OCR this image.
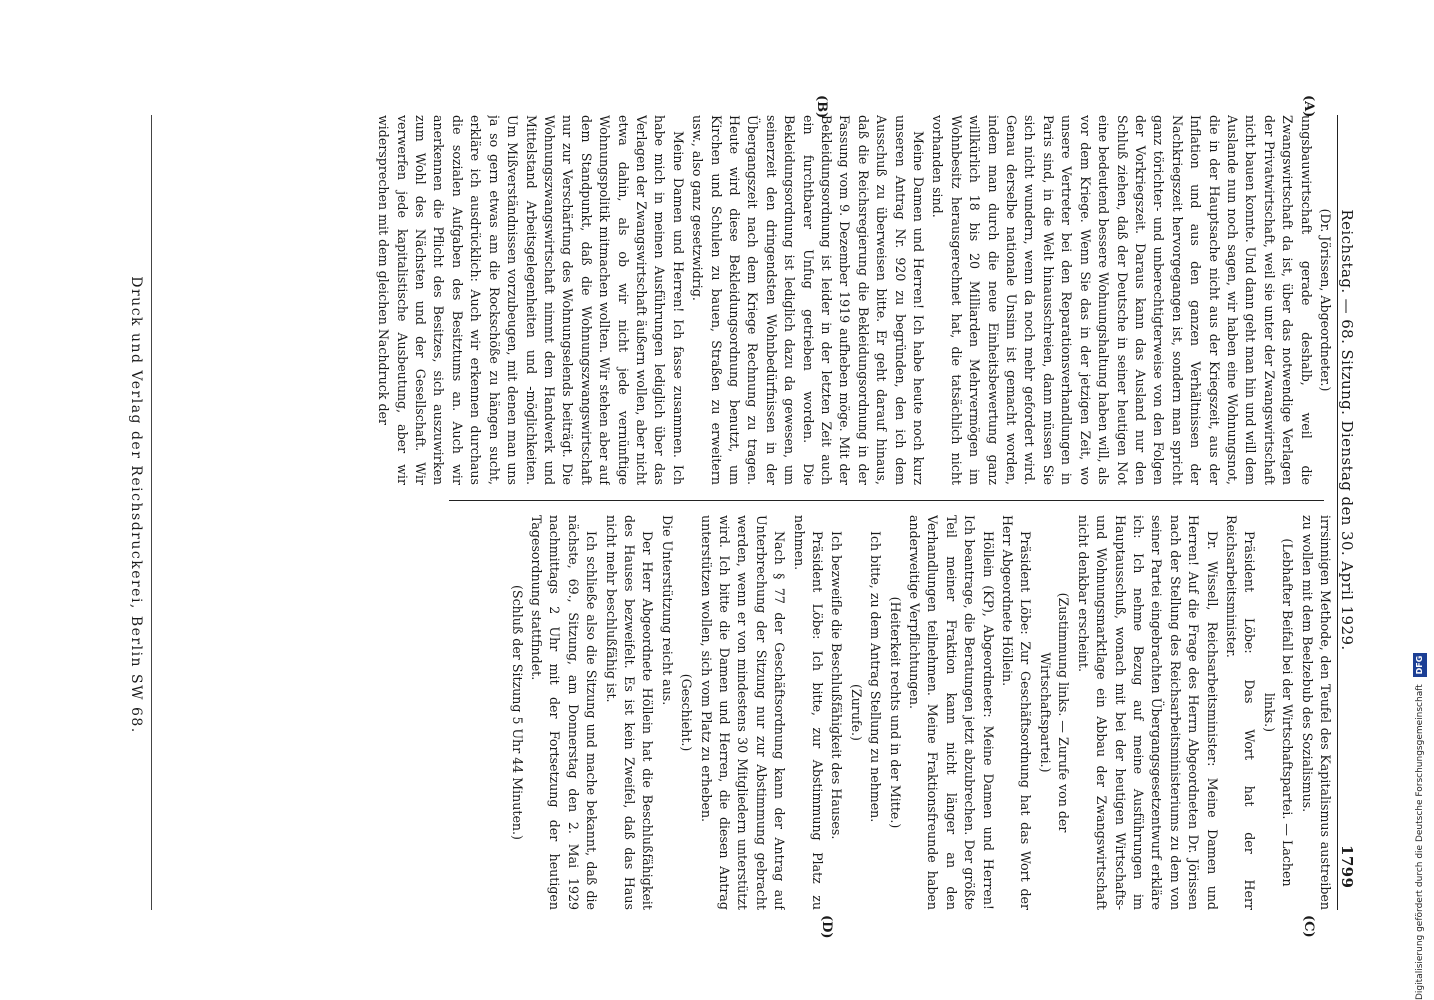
Reichstag. — 68. Sitzung. Dienstag den 30. April 1929.
1799
(A)
(B)
(C)
(D)

(Dr. Jörissen, Abgeordneter.)

ungsbauwirtschaft gerade deshalb, weil die Zwangswirtschaft da ist, über das notwendige Verlagen der Privatwirtschaft, weil sie unter der Zwangswirtschaft nicht bauen konnte. Und dann geht man hin und will dem Auslande nun noch sagen, wir haben eine Wohnungsnot, die in der Hauptsache nicht aus der Kriegszeit, aus der Inflation und aus den ganzen Verhältnissen der Nachkriegszeit hervorgegangen ist, sondern man spricht ganz törichter- und unberechtigterweise von den Folgen der Vorkriegszeit. Daraus kann das Ausland nur den Schluß ziehen, daß der Deutsche in seiner heutigen Not eine bedeutend bessere Wohnungshaltung haben will, als vor dem Kriege. Wenn Sie das in der jetzigen Zeit, wo unsere Vertreter bei den Reparationsverhandlungen in Paris sind, in die Welt hinausschreien, dann müssen Sie sich nicht wundern, wenn da noch mehr gefordert wird. Genau derselbe nationale Unsinn ist gemacht worden, indem man durch die neue Einheitsbewertung ganz willkürlich 18 bis 20 Milliarden Mehrvermögen im Wohnbesitz herausgerechnet hat, die tatsächlich nicht vorhanden sind.

Meine Damen und Herren! Ich habe heute noch kurz unseren Antrag Nr. 920 zu begründen, den ich dem Ausschuß zu überweisen bitte. Er geht darauf hinaus, daß die Reichsregierung die Bekleidungsordnung in der Fassung vom 9. Dezember 1919 aufheben möge. Mit der Bekleidungsordnung ist leider in der letzten Zeit auch ein furchtbarer Unfug getrieben worden. Die Bekleidungsordnung ist lediglich dazu da gewesen, um seinerzeit den dringendsten Wohnbedürfnissen in der Übergangszeit nach dem Kriege Rechnung zu tragen. Heute wird diese Bekleidungsordnung benutzt, um Kirchen und Schulen zu bauen, Straßen zu erweitern usw., also ganz gesetzwidrig.

Meine Damen und Herren! Ich fasse zusammen. Ich habe mich in meinen Ausführungen lediglich über das Verlagen der Zwangswirtschaft äußern wollen, aber nicht etwa dahin, als ob wir nicht jede vernünftige Wohnungspolitik mitmachen wollten. Wir stehen aber auf dem Standpunkt, daß die Wohnungszwangswirtschaft nur zur Verschärfung des Wohnungselends beiträgt. Die Wohnungszwangswirtschaft nimmt dem Handwerk und Mittelstand Arbeitsgelegenheiten und -möglichkeiten. Um Mißverständnissen vorzubeugen, mit denen man uns ja so gern etwas am die Rockschöße zu hängen sucht, erkläre ich ausdrücklich: Auch wir erkennen durchaus die sozialen Aufgaben des Besitztums an. Auch wir anerkennen die Pflicht des Besitzes, sich auszuwirken zum Wohl des Nächsten und der Gesellschaft. Wir verwerfen jede kapitalistische Ausbeutung, aber wir widersprechen mit dem gleichen Nachdruck der

irrsinnigen Methode, den Teufel des Kapitalismus austreiben zu wollen mit dem Beelzebub des Sozialismus.

(Lebhafter Beifall bei der Wirtschaftspartei. — Lachen links.)

Präsident Löbe: Das Wort hat der Herr Reichsarbeitsminister.

Dr. Wissell, Reichsarbeitsminister: Meine Damen und Herren! Auf die Frage des Herrn Abgeordneten Dr. Jörissen nach der Stellung des Reichsarbeitsministeriums zu dem von seiner Partei eingebrachten Übergangsgesetzentwurf erkläre ich: Ich nehme Bezug auf meine Ausführungen im Hauptausschuß, wonach mit bei der heutigen Wirtschafts- und Wohnungsmarktlage ein Abbau der Zwangswirtschaft nicht denkbar erscheint.

(Zustimmung links. — Zurufe von der Wirtschaftspartei.)

Präsident Löbe: Zur Geschäftsordnung hat das Wort der Herr Abgeordnete Höllein.

Höllein (KP), Abgeordneter: Meine Damen und Herren! Ich beantrage, die Beratungen jetzt abzubrechen. Der größte Teil meiner Fraktion kann nicht länger an den Verhandlungen teilnehmen. Meine Fraktionsfreunde haben anderweitige Verpflichtungen.

(Heiterkeit rechts und in der Mitte.)

Ich bitte, zu dem Antrag Stellung zu nehmen.

(Zurufe.)

Ich bezweifle die Beschlußfähigkeit des Hauses.

Präsident Löbe: Ich bitte, zur Abstimmung Platz zu nehmen.

Nach § 77 der Geschäftsordnung kann der Antrag auf Unterbrechung der Sitzung nur zur Abstimmung gebracht werden, wenn er von mindestens 30 Mitgliedern unterstützt wird. Ich bitte die Damen und Herren, die diesen Antrag unterstützen wollen, sich vom Platz zu erheben.

(Geschieht.)

Die Unterstützung reicht aus.

Der Herr Abgeordnete Höllein hat die Beschlußfähigkeit des Hauses bezweifelt. Es ist kein Zweifel, daß das Haus nicht mehr beschlußfähig ist.

Ich schließe also die Sitzung und mache bekannt, daß die nächste, 69., Sitzung, am Donnerstag den 2. Mai 1929 nachmittags 2 Uhr mit der Fortsetzung der heutigen Tagesordnung stattfindet.

(Schluß der Sitzung 5 Uhr 44 Minuten.)

Druck und Verlag der Reichsdruckerei, Berlin SW 68.
Digitalisierung gefördert durch die Deutsche Forschungsgemeinschaft DFG
